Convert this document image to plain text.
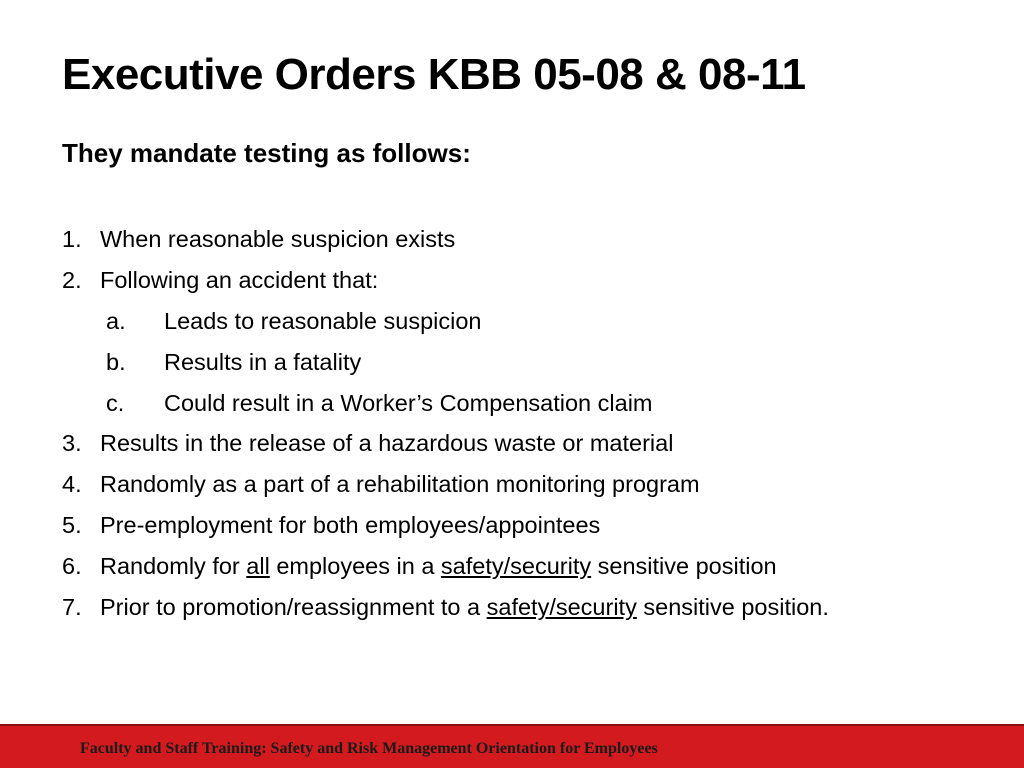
Executive Orders KBB 05-08 & 08-11
They mandate testing as follows:
1. When reasonable suspicion exists
2. Following an accident that:
a. Leads to reasonable suspicion
b. Results in a fatality
c. Could result in a Worker’s Compensation claim
3. Results in the release of a hazardous waste or material
4. Randomly as a part of a rehabilitation monitoring program
5. Pre-employment for both employees/appointees
6. Randomly for all employees in a safety/security sensitive position
7. Prior to promotion/reassignment to a safety/security sensitive position.
Faculty and Staff Training: Safety and Risk Management Orientation for Employees
